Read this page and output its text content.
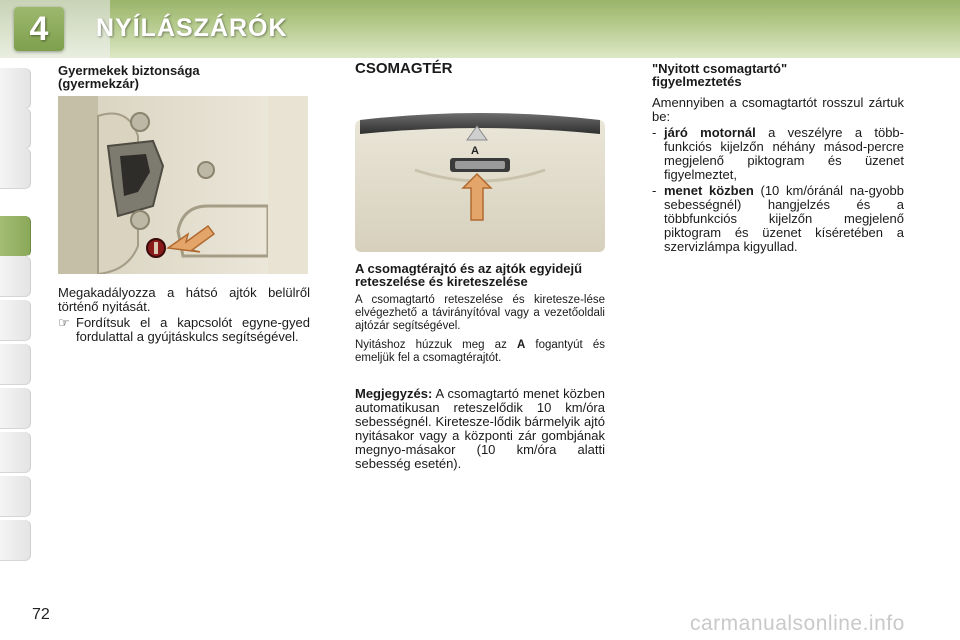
4	NYÍLÁSZÁRÓK
Gyermekek biztonsága
(gyermekzár)

Megakadályozza a hátsó ajtók belülről történő nyitását.

☞ Fordítsuk el a kapcsolót egyne-gyed fordulattal a gyújtáskulcs segítségével.
CSOMAGTÉR
A
A csomagtérajtó és az ajtók egyidejű reteszelése és kireteszelése

A csomagtartó reteszelése és kiretesze-lése elvégezhető a távirányítóval vagy a vezetőoldali ajtózár segítségével.

Nyitáshoz húzzuk meg az A fogantyút és emeljük fel a csomagtérajtót.

Megjegyzés: A csomagtartó menet közben automatikusan reteszelődik 10 km/óra sebességnél. Kiretesze-lődik bármelyik ajtó nyitásakor vagy a központi zár gombjának megnyo-másakor (10 km/óra alatti sebesség esetén).

"Nyitott csomagtartó"
figyelmeztetés

Amennyiben a csomagtartót rosszul zártuk be:

- járó motornál a veszélyre a több-funkciós kijelzőn néhány másod-percre megjelenő piktogram és üzenet figyelmeztet,
- menet közben (10 km/óránál na-gyobb sebességnél) hangjelzés és a többfunkciós kijelzőn megjelenő piktogram és üzenet kíséretében a szervizlámpa kigyullad.
72	carmanualsonline.info
